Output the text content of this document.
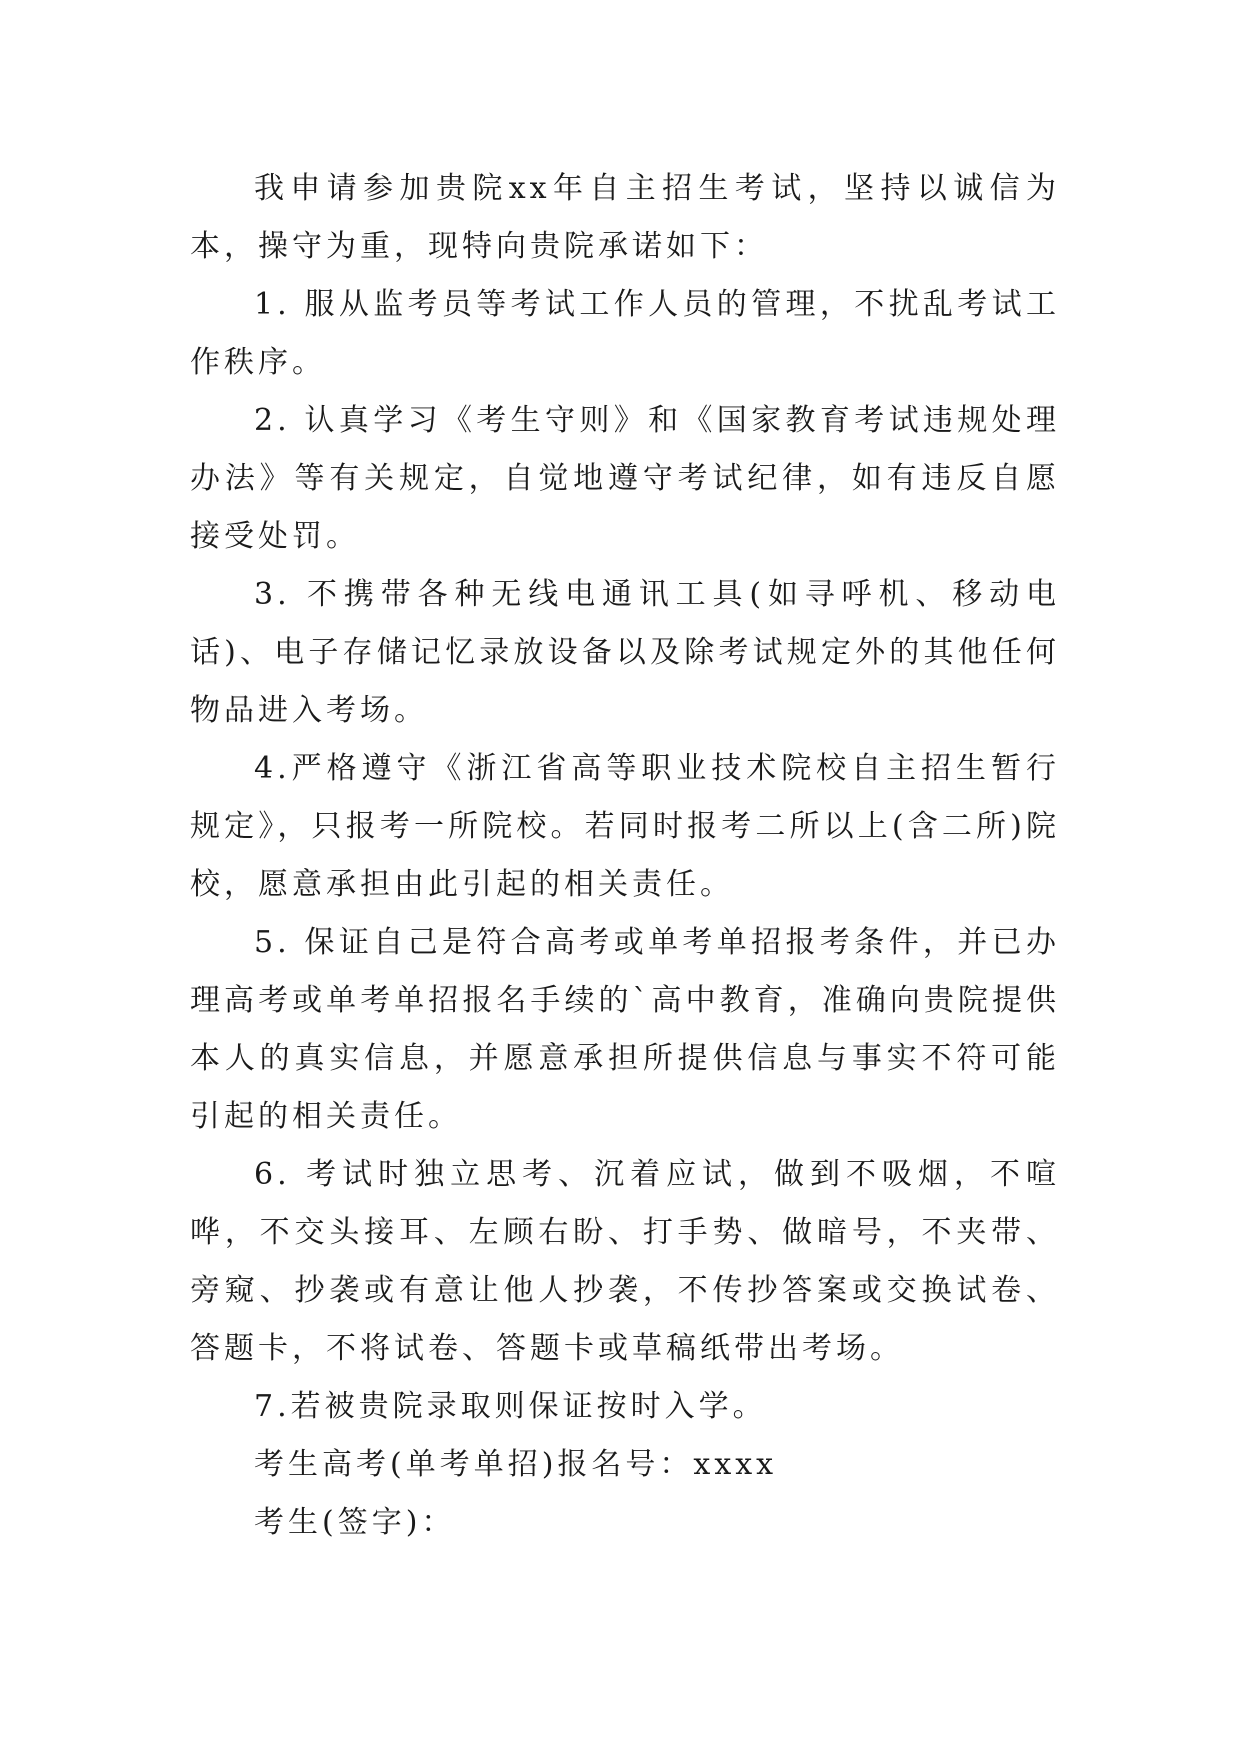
我申请参加贵院xx年自主招生考试，坚持以诚信为本，操守为重，现特向贵院承诺如下：

1. 服从监考员等考试工作人员的管理，不扰乱考试工作秩序。

2. 认真学习《考生守则》和《国家教育考试违规处理办法》等有关规定，自觉地遵守考试纪律，如有违反自愿接受处罚。

3. 不携带各种无线电通讯工具(如寻呼机、移动电话)、电子存储记忆录放设备以及除考试规定外的其他任何物品进入考场。

4.严格遵守《浙江省高等职业技术院校自主招生暂行规定》，只报考一所院校。若同时报考二所以上(含二所)院校，愿意承担由此引起的相关责任。

5. 保证自己是符合高考或单考单招报考条件，并已办理高考或单考单招报名手续的`高中教育，准确向贵院提供本人的真实信息，并愿意承担所提供信息与事实不符可能引起的相关责任。

6. 考试时独立思考、沉着应试，做到不吸烟，不喧哗，不交头接耳、左顾右盼、打手势、做暗号，不夹带、旁窥、抄袭或有意让他人抄袭，不传抄答案或交换试卷、答题卡，不将试卷、答题卡或草稿纸带出考场。

7.若被贵院录取则保证按时入学。

考生高考(单考单招)报名号：xxxx

考生(签字)：
